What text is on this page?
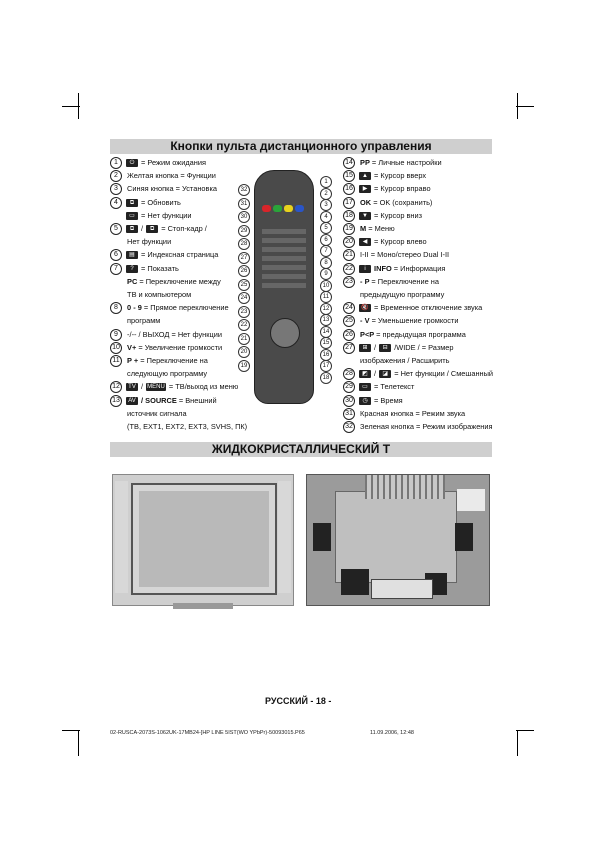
Кнопки пульта дистанционного управления
1 ⏻ = Режим ожидания
2 Желтая кнопка = Функции
3 Синяя кнопка = Установка
4 ⧉ = Обновить
▭ = Нет функции
5 ⧉ / ⧉ = Стоп-кадр /
Нет функции
6 ▤ = Индексная страница
7 ? = Показать
PC = Переключение между
ТВ и компьютером
8 0 - 9 = Прямое переключение
программ
9 -/-- / ВЫХОД = Нет функции
10 V+ = Увеличение громкости
11 P + = Переключение на
следующую программу
12 TV / MENU = ТВ/выход из меню
13 AV / SOURCE = Внешний
источник сигнала
(ТВ, EXT1, EXT2, EXT3, SVHS, ПК)
14 PP = Личные настройки
15 ▲ = Курсор вверх
16 ▶ = Курсор вправо
17 OK = OK (сохранить)
18 ▼ = Курсор вниз
19 M = Меню
20 ◀ = Курсор влево
21 I-II = Моно/стерео Dual I-II
22 i INFO = Информация
23 - P = Переключение на
предыдущую программу
24 🔇 = Временное отключение звука
25 - V = Уменьшение громкости
26 P<P = предыдущая программа
27 ⊞ / ⊟ /WIDE / = Размер
изображения / Расширить
28 ◩ / ◪ = Нет функции / Смешанный
29 ▭ = Телетекст
30 ◷ = Время
31 Красная кнопка = Режим звука
32 Зеленая кнопка = Режим изображения
32
31
30
29
28
27
26
25
24
23
22
21
20
19
1
2
3
4
5
6
7
8
9
10
11
12
13
14
15
16
17
18
ЖИДКОКРИСТАЛЛИЧЕСКИЙ Т
РУССКИЙ - 18 -
02-RUSCA-2073S-1062UK-17MB24-[HP LINE 5IST(WO YPbPr)-50093015.P65	11.09.2006, 12:48
